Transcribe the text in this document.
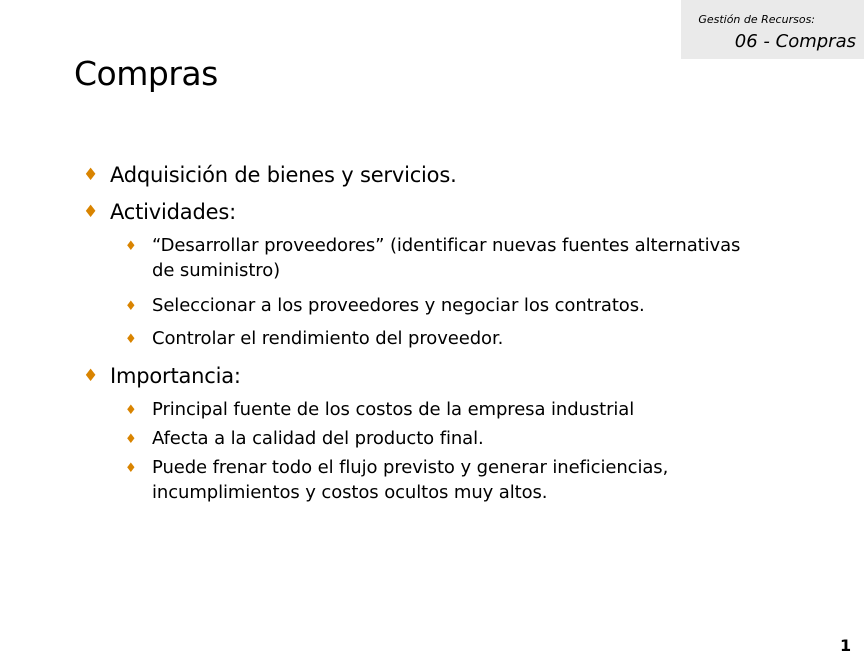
Gestión de Recursos:
06 - Compras
Compras
♦ Adquisición de bienes y servicios.
♦ Actividades:
♦ “Desarrollar proveedores” (identificar nuevas fuentes alternativas de suministro)
♦ Seleccionar a los proveedores y negociar los contratos.
♦ Controlar el rendimiento del proveedor.
♦ Importancia:
♦ Principal fuente de los costos de la empresa industrial
♦ Afecta a la calidad del producto final.
♦ Puede frenar todo el flujo previsto y generar ineficiencias, incumplimientos y costos ocultos muy altos.
1
